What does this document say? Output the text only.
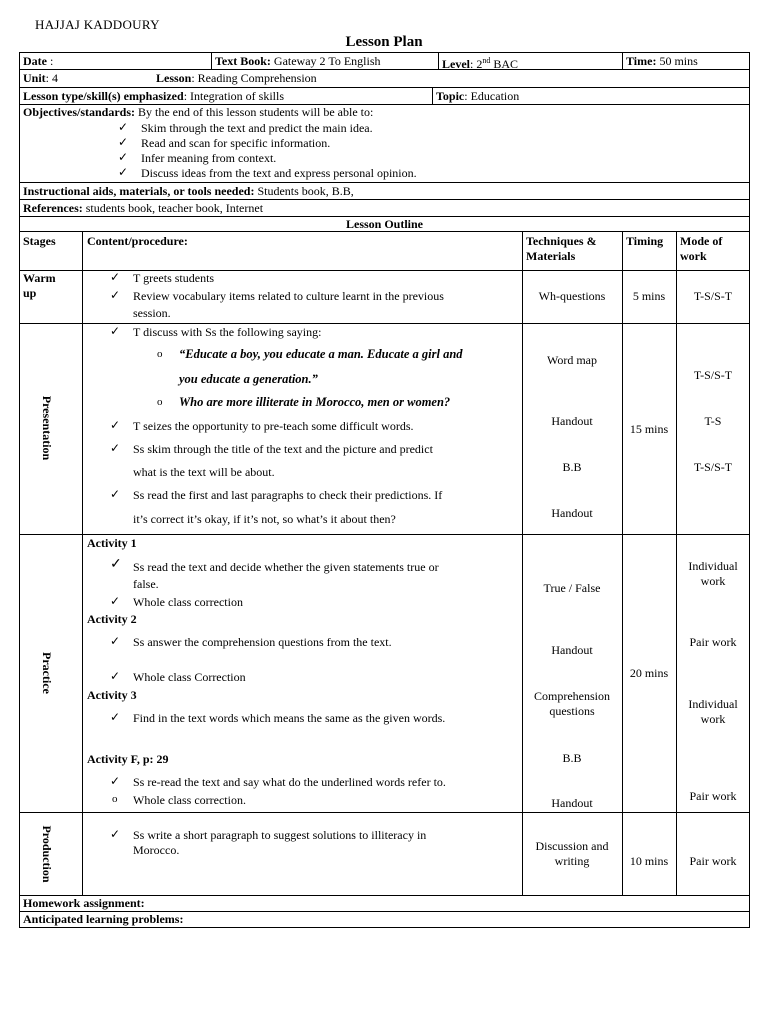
HAJJAJ KADDOURY
Lesson Plan
Date :	Text Book: Gateway 2 To English	Level: 2nd BAC	Time: 50 mins
Unit: 4	Lesson: Reading Comprehension
Lesson type/skill(s) emphasized: Integration of skills	Topic: Education
Objectives/standards: By the end of this lesson students will be able to:
✓
Skim through the text and predict the main idea.
✓
Read and scan for specific information.
✓
Infer meaning from context.
✓
Discuss ideas from the text and express personal opinion.
Instructional aids, materials, or tools needed: Students book, B.B,
References: students book, teacher book, Internet
Lesson Outline
Stages	Content/procedure:	Techniques &
Materials
Timing Mode of
work
Warm
up
✓
T greets students
✓
Review vocabulary items related to culture learnt in the previous
session.
Wh-questions	5 mins	T-S/S-T
Presentation
✓
T discuss with Ss the following saying:
o “Educate a boy, you educate a man. Educate a girl and
you educate a generation.”
o Who are more illiterate in Morocco, men or women?
✓
T seizes the opportunity to pre-teach some difficult words.
✓
Ss skim through the title of the text and the picture and predict
what is the text will be about.
✓
Ss read the first and last paragraphs to check their predictions. If
it’s correct it’s okay, if it’s not, so what’s it about then?
Word map
Handout
B.B
Handout
15 mins
T-S/S-T
T-S
T-S/S-T
Practice
Activity 1
✓
Ss read the text and decide whether the given statements true or
false.
✓
Whole class correction
Activity 2
✓
Ss answer the comprehension questions from the text.
✓
Whole class Correction
Activity 3
✓
Find in the text words which means the same as the given words.
Activity F, p: 29
✓
Ss re-read the text and say what do the underlined words refer to.
o Whole class correction.
True / False
Handout
Comprehension
questions
B.B
Handout
20 mins
Individual
work
Pair work
Individual
work
Pair work
Production
✓	Ss write a short paragraph to suggest solutions to illiteracy in
Morocco.	Discussion and
writing	10 mins	Pair work
Homework assignment:
Anticipated learning problems:
